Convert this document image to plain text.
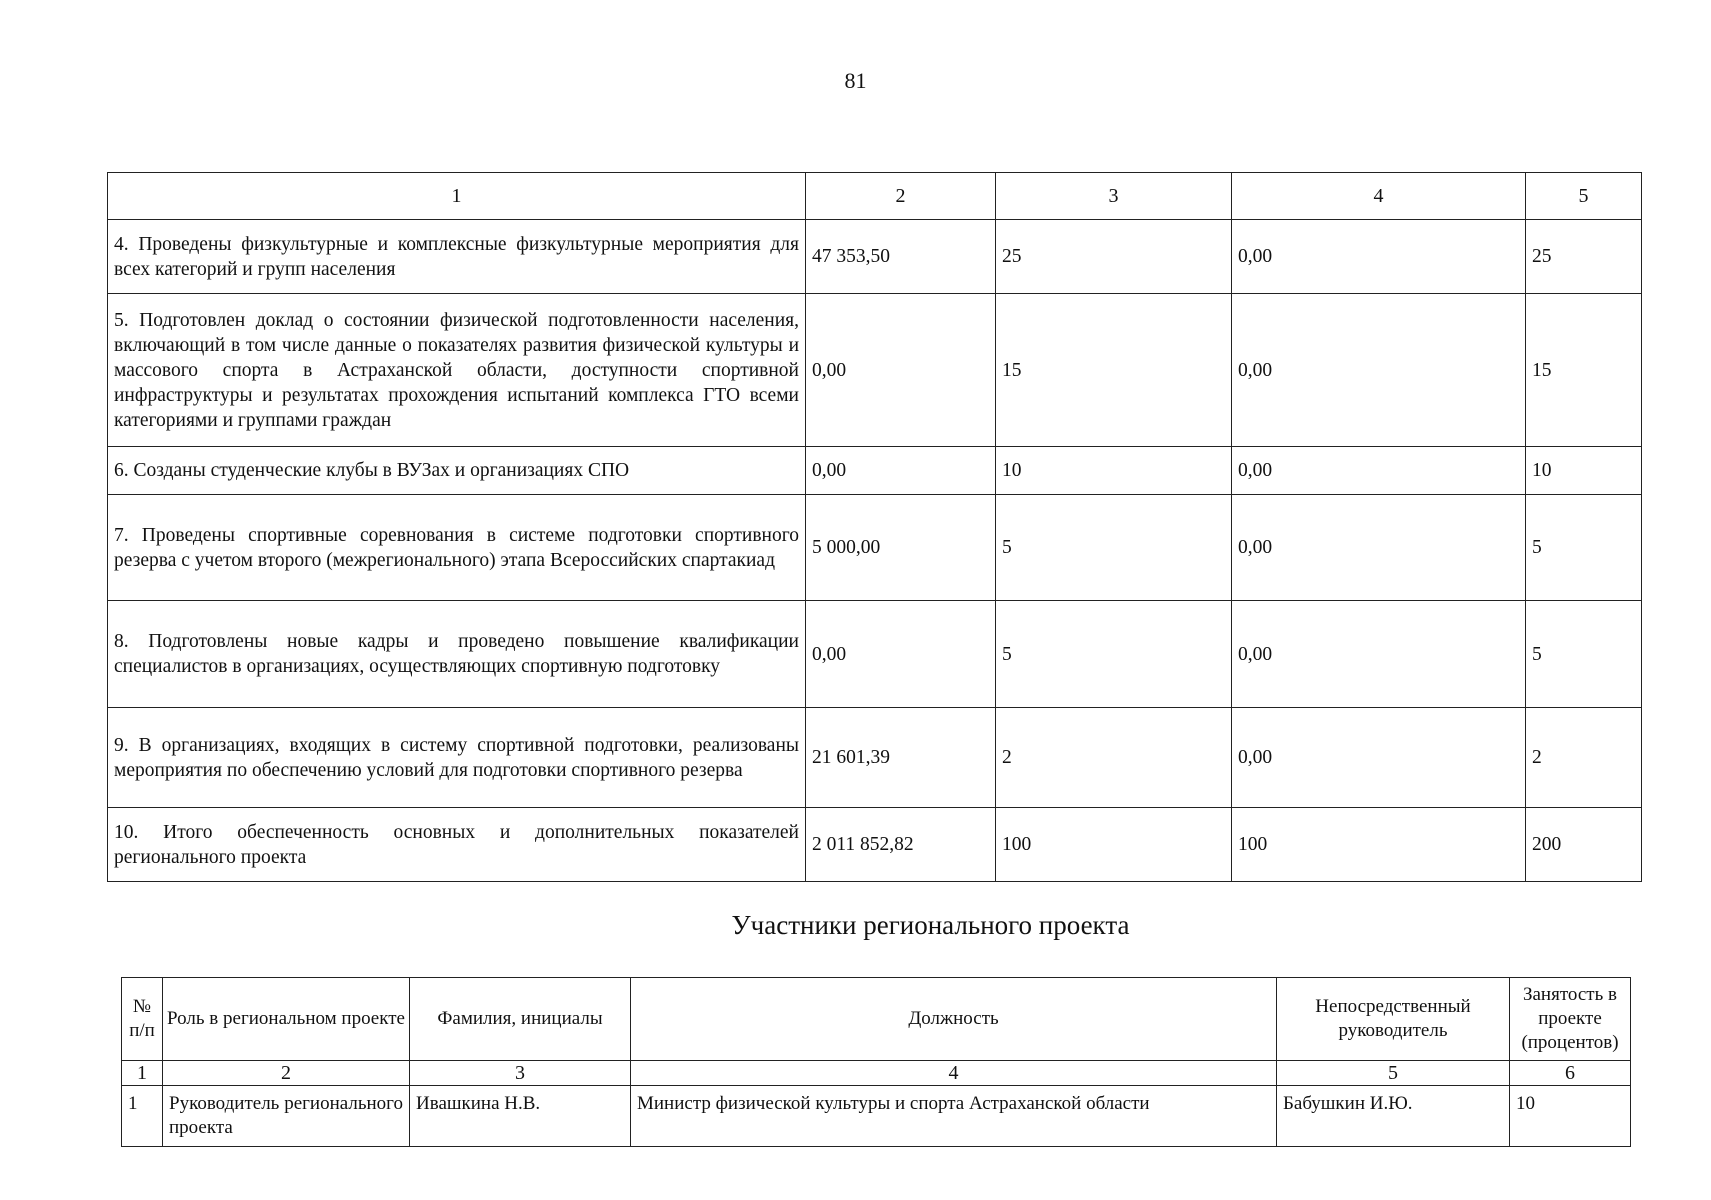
81
1	2	3	4	5
4. Проведены физкультурные и комплексные физкультурные мероприятия для всех категорий и групп населения	47 353,50	25	0,00	25
5. Подготовлен доклад о состоянии физической подготовленности населения, включающий в том числе данные о показателях развития физической культуры и массового спорта в Астраханской области, доступности спортивной инфраструктуры и результатах прохождения испытаний комплекса ГТО всеми категориями и группами граждан	0,00	15	0,00	15
6. Созданы студенческие клубы в ВУЗах и организациях СПО	0,00	10	0,00	10
7. Проведены спортивные соревнования в системе подготовки спортивного резерва с учетом второго (межрегионального) этапа Всероссийских спартакиад	5 000,00	5	0,00	5
8. Подготовлены новые кадры и проведено повышение квалификации специалистов в организациях, осуществляющих спортивную подготовку	0,00	5	0,00	5
9. В организациях, входящих в систему спортивной подготовки, реализованы мероприятия по обеспечению условий для подготовки спортивного резерва	21 601,39	2	0,00	2
10. Итого обеспеченность основных и дополнительных показателей регионального проекта	2 011 852,82	100	100	200
Участники регионального проекта
№ п/п	Роль в региональном проекте	Фамилия, инициалы	Должность	Непосредственный руководитель	Занятость в проекте (процентов)
1	2	3	4	5	6
1	Руководитель регионального проекта	Ивашкина Н.В.	Министр физической культуры и спорта Астраханской области	Бабушкин И.Ю.	10
